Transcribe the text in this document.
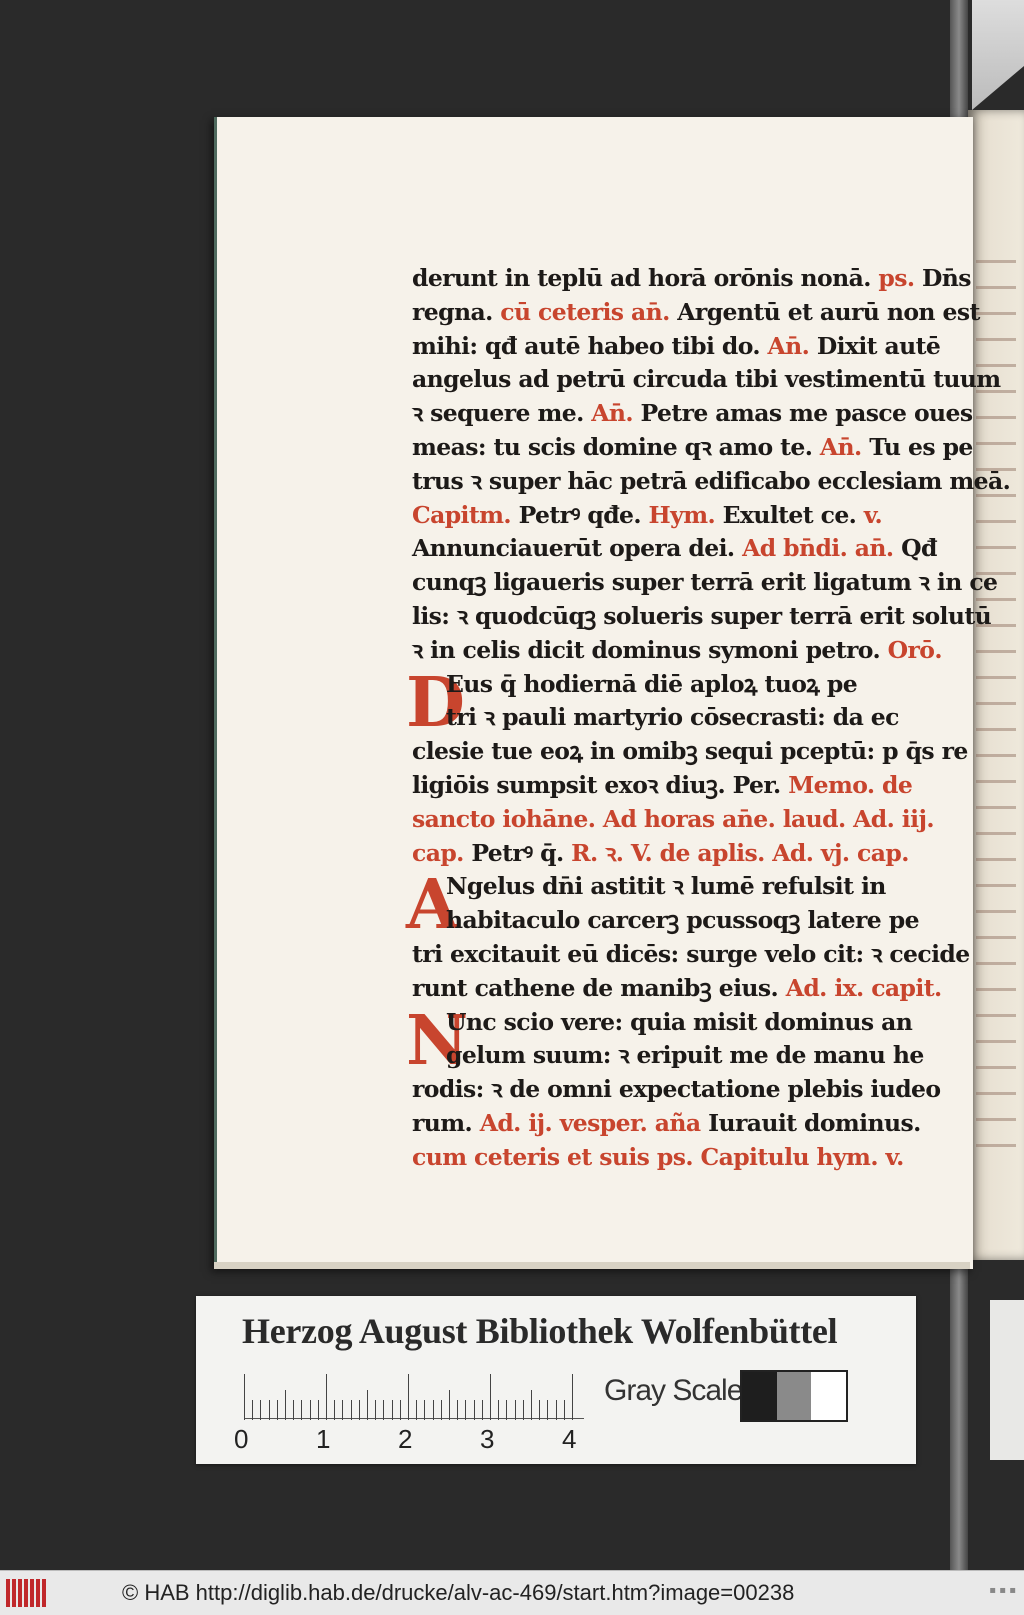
derunt in teplū ad horā orōnis nonā. ps. Dn̄s
regna. cū ceteris an̄. Argentū et aurū non est
mihi: qđ autē habeo tibi do. An̄. Dixit autē
angelus ad petrū circuda tibi vestimentū tuum
ꝛ sequere me. An̄. Petre amas me pasce oues
meas: tu scis domine qꝛ amo te. An̄. Tu es pe
trus ꝛ super hāc petrā edificabo ecclesiam meā.
Capitm. Petrꝰ qđe. Hym. Exultet ce. v.
Annunciauerūt opera dei. Ad bn̄di. an̄. Qđ
cunqꝫ ligaueris super terrā erit ligatum ꝛ in ce
lis: ꝛ quodcūqꝫ solueris super terrā erit solutū
ꝛ in celis dicit dominus symoni petro. Orō.
D
Eus q̄ hodiernā diē aploꝝ tuoꝝ pe
tri ꝛ pauli martyrio cōsecrasti: da ec
clesie tue eoꝝ in omibꝫ sequi pceptū: p q̄s re
ligiōis sumpsit exoꝛ diuꝫ. Per. Memo. de
sancto iohāne. Ad horas an̄e. laud. Ad. iij.
cap. Petrꝰ q̄. R. ꝛ. V. de aplis. Ad. vj. cap.
A
Ngelus dn̄i astitit ꝛ lumē refulsit in
habitaculo carcerꝫ pcussoqꝫ latere pe
tri excitauit eū dicēs: surge velo cit: ꝛ cecide
runt cathene de manibꝫ eius. Ad. ix. capit.
N
Unc scio vere: quia misit dominus an
gelum suum: ꝛ eripuit me de manu he
rodis: ꝛ de omni expectatione plebis iudeo
rum. Ad. ij. vesper. aña Iurauit dominus.
cum ceteris et suis ps. Capitulu hym. v.
Herzog August Bibliothek Wolfenbüttel
0	1	2	3	4
Gray Scale
© HAB http://diglib.hab.de/drucke/alv-ac-469/start.htm?image=00238	▪ ▪ ▪
